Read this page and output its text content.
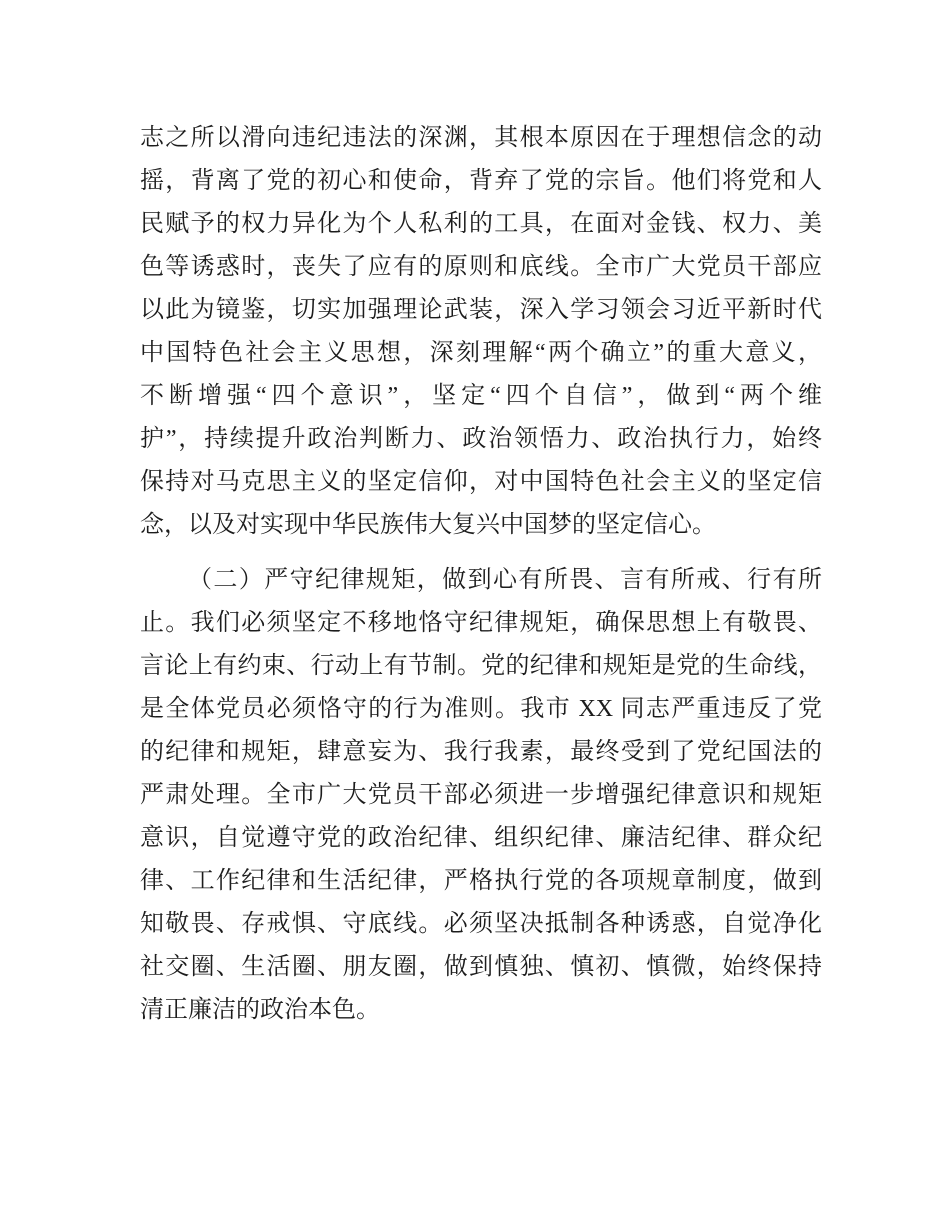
志之所以滑向违纪违法的深渊，其根本原因在于理想信念的动
摇，背离了党的初心和使命，背弃了党的宗旨。他们将党和人
民赋予的权力异化为个人私利的工具，在面对金钱、权力、美
色等诱惑时，丧失了应有的原则和底线。全市广大党员干部应
以此为镜鉴，切实加强理论武装，深入学习领会习近平新时代
中国特色社会主义思想，深刻理解“两个确立”的重大意义，
不断增强“四个意识”，坚定“四个自信”，做到“两个维
护”，持续提升政治判断力、政治领悟力、政治执行力，始终
保持对马克思主义的坚定信仰，对中国特色社会主义的坚定信
念，以及对实现中华民族伟大复兴中国梦的坚定信心。
（二）严守纪律规矩，做到心有所畏、言有所戒、行有所
止。我们必须坚定不移地恪守纪律规矩，确保思想上有敬畏、
言论上有约束、行动上有节制。党的纪律和规矩是党的生命线，
是全体党员必须恪守的行为准则。我市 XX 同志严重违反了党
的纪律和规矩，肆意妄为、我行我素，最终受到了党纪国法的
严肃处理。全市广大党员干部必须进一步增强纪律意识和规矩
意识，自觉遵守党的政治纪律、组织纪律、廉洁纪律、群众纪
律、工作纪律和生活纪律，严格执行党的各项规章制度，做到
知敬畏、存戒惧、守底线。必须坚决抵制各种诱惑，自觉净化
社交圈、生活圈、朋友圈，做到慎独、慎初、慎微，始终保持
清正廉洁的政治本色。
